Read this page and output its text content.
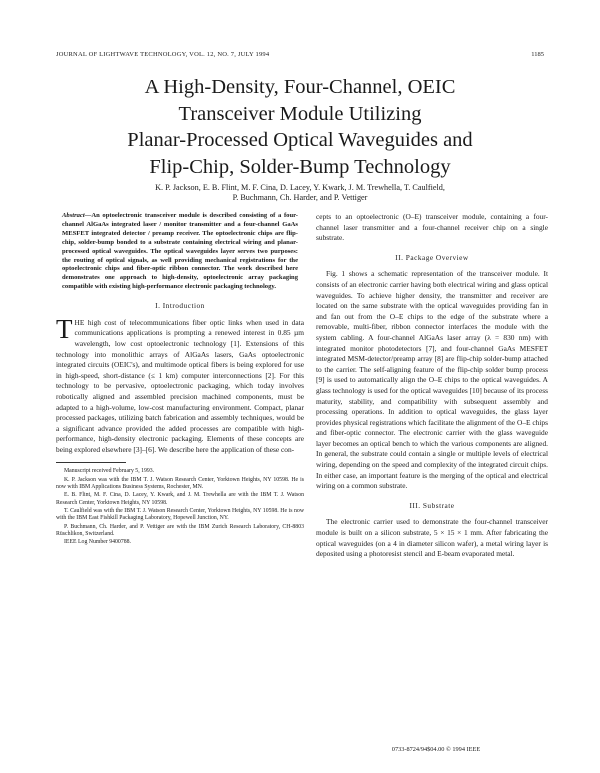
JOURNAL OF LIGHTWAVE TECHNOLOGY, VOL. 12, NO. 7, JULY 1994	1185
A High-Density, Four-Channel, OEIC
Transceiver Module Utilizing
Planar-Processed Optical Waveguides and
Flip-Chip, Solder-Bump Technology
K. P. Jackson, E. B. Flint, M. F. Cina, D. Lacey, Y. Kwark, J. M. Trewhella, T. Caulfield,
P. Buchmann, Ch. Harder, and P. Vettiger
Abstract—An optoelectronic transceiver module is described consisting of a four-channel AlGaAs integrated laser / monitor transmitter and a four-channel GaAs MESFET integrated detector / preamp receiver. The optoelectronic chips are flip-chip, solder-bump bonded to a substrate containing electrical wiring and planar-processed optical waveguides. The optical waveguides layer serves two purposes: the routing of optical signals, as well providing mechanical registrations for the optoelectronic chips and fiber-optic ribbon connector. The work described here demonstrates one approach to high-density, optoelectronic array packaging compatible with existing high-performance electronic packaging technology.
I. Introduction

THE high cost of telecommunications fiber optic links when used in data communications applications is prompting a renewed interest in 0.85 µm wavelength, low cost optoelectronic technology [1]. Extensions of this technology into monolithic arrays of AlGaAs lasers, GaAs optoelectronic integrated circuits (OEIC's), and multimode optical fibers is being explored for use in high-speed, short-distance (≤ 1 km) computer interconnections [2]. For this technology to be pervasive, optoelectronic packaging, which today involves robotically aligned and assembled precision machined components, must be adapted to a high-volume, low-cost manufacturing environment. Compact, planar processed packages, utilizing batch fabrication and assembly techniques, would be a significant advance provided the added processes are compatible with high-performance, high-density electronic packaging. Elements of these concepts are being explored elsewhere [3]–[6]. We describe here the application of these con-

Manuscript received February 5, 1993.

K. P. Jackson was with the IBM T. J. Watson Research Center, Yorktown Heights, NY 10598. He is now with IBM Applications Business Systems, Rochester, MN.

E. B. Flint, M. F. Cina, D. Lacey, Y. Kwark, and J. M. Trewhella are with the IBM T. J. Watson Research Center, Yorktown Heights, NY 10598.

T. Caulfield was with the IBM T. J. Watson Research Center, Yorktown Heights, NY 10598. He is now with the IBM East Fishkill Packaging Laboratory, Hopewell Junction, NY.

P. Buchmann, Ch. Harder, and P. Vettiger are with the IBM Zurich Research Laboratory, CH-8803 Rüschlikon, Switzerland.

IEEE Log Number 9400788.

cepts to an optoelectronic (O–E) transceiver module, containing a four-channel laser transmitter and a four-channel receiver chip on a single substrate.

II. Package Overview

Fig. 1 shows a schematic representation of the transceiver module. It consists of an electronic carrier having both electrical wiring and glass optical waveguides. To achieve higher density, the transmitter and receiver are located on the same substrate with the optical waveguides providing fan in and fan out from the O–E chips to the edge of the substrate where a removable, multi-fiber, ribbon connector interfaces the module with the system cabling. A four-channel AlGaAs laser array (λ = 830 nm) with integrated monitor photodetectors [7], and four-channel GaAs MESFET integrated MSM-detector/preamp array [8] are flip-chip solder-bump attached to the carrier. The self-aligning feature of the flip-chip solder bump process [9] is used to automatically align the O–E chips to the optical waveguides. A glass technology is used for the optical waveguides [10] because of its process maturity, stability, and compatibility with subsequent assembly and processing operations. In addition to optical waveguides, the glass layer provides physical registrations which facilitate the alignment of the O–E chips and fiber-optic connector. The electronic carrier with the glass waveguide layer becomes an optical bench to which the various components are aligned. In general, the substrate could contain a single or multiple levels of electrical wiring, depending on the speed and complexity of the integrated circuit chips. In either case, an important feature is the merging of the optical and electrical wiring on a common substrate.

III. Substrate

The electronic carrier used to demonstrate the four-channel transceiver module is built on a silicon substrate, 5 × 15 × 1 mm. After fabricating the optical waveguides (on a 4 in diameter silicon wafer), a metal wiring layer is deposited using a photoresist stencil and E-beam evaporated metal.

0733-8724/94$04.00 © 1994 IEEE
